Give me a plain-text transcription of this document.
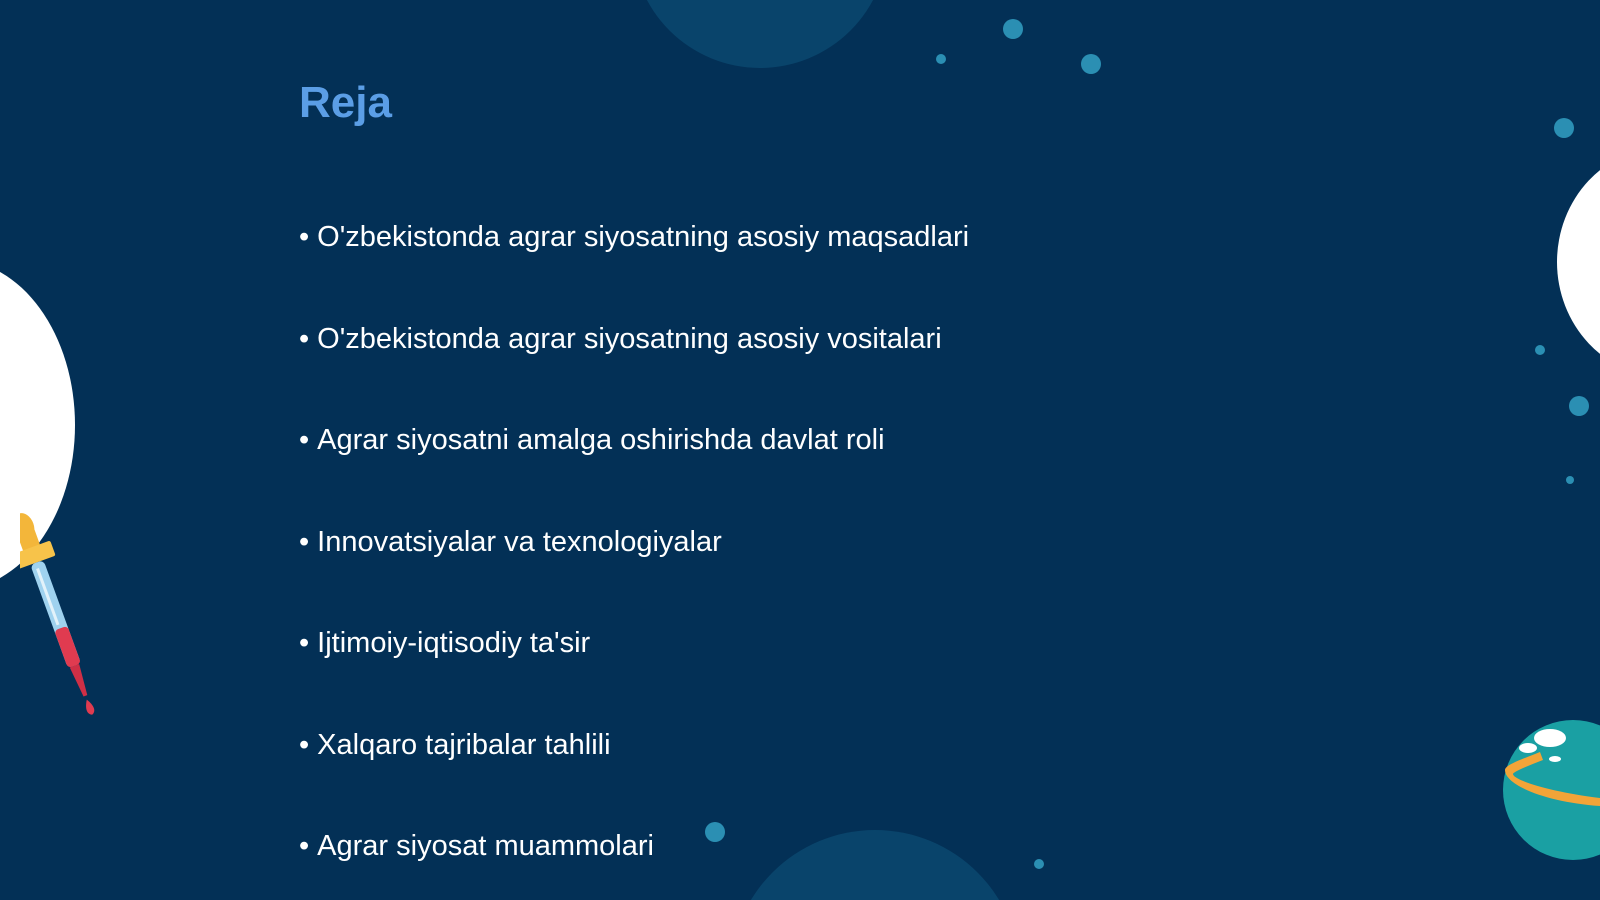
Reja
• O'zbekistonda agrar siyosatning asosiy maqsadlari
• O'zbekistonda agrar siyosatning asosiy vositalari
• Agrar siyosatni amalga oshirishda davlat roli
• Innovatsiyalar va texnologiyalar
• Ijtimoiy-iqtisodiy ta'sir
• Xalqaro tajribalar tahlili
• Agrar siyosat muammolari
